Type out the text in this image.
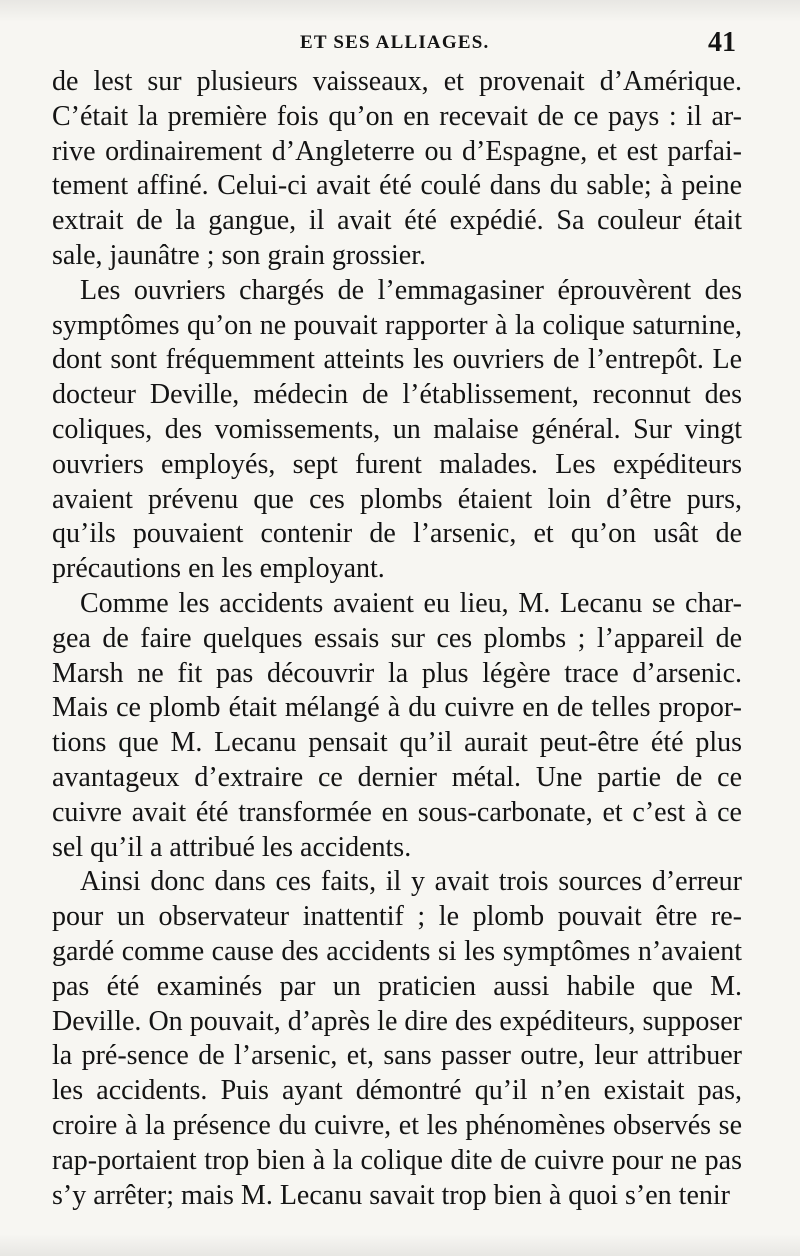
ET SES ALLIAGES.	41

de lest sur plusieurs vaisseaux, et provenait d’Amérique. C’était la première fois qu’on en recevait de ce pays : il ar-rive ordinairement d’Angleterre ou d’Espagne, et est parfai-tement affiné. Celui-ci avait été coulé dans du sable; à peine extrait de la gangue, il avait été expédié. Sa couleur était sale, jaunâtre ; son grain grossier.

Les ouvriers chargés de l’emmagasiner éprouvèrent des symptômes qu’on ne pouvait rapporter à la colique saturnine, dont sont fréquemment atteints les ouvriers de l’entrepôt. Le docteur Deville, médecin de l’établissement, reconnut des coliques, des vomissements, un malaise général. Sur vingt ouvriers employés, sept furent malades. Les expéditeurs avaient prévenu que ces plombs étaient loin d’être purs, qu’ils pouvaient contenir de l’arsenic, et qu’on usât de précautions en les employant.

Comme les accidents avaient eu lieu, M. Lecanu se char-gea de faire quelques essais sur ces plombs ; l’appareil de Marsh ne fit pas découvrir la plus légère trace d’arsenic. Mais ce plomb était mélangé à du cuivre en de telles propor-tions que M. Lecanu pensait qu’il aurait peut-être été plus avantageux d’extraire ce dernier métal. Une partie de ce cuivre avait été transformée en sous-carbonate, et c’est à ce sel qu’il a attribué les accidents.

Ainsi donc dans ces faits, il y avait trois sources d’erreur pour un observateur inattentif ; le plomb pouvait être re-gardé comme cause des accidents si les symptômes n’avaient pas été examinés par un praticien aussi habile que M. Deville. On pouvait, d’après le dire des expéditeurs, supposer la pré-sence de l’arsenic, et, sans passer outre, leur attribuer les accidents. Puis ayant démontré qu’il n’en existait pas, croire à la présence du cuivre, et les phénomènes observés se rap-portaient trop bien à la colique dite de cuivre pour ne pas s’y arrêter; mais M. Lecanu savait trop bien à quoi s’en tenir
